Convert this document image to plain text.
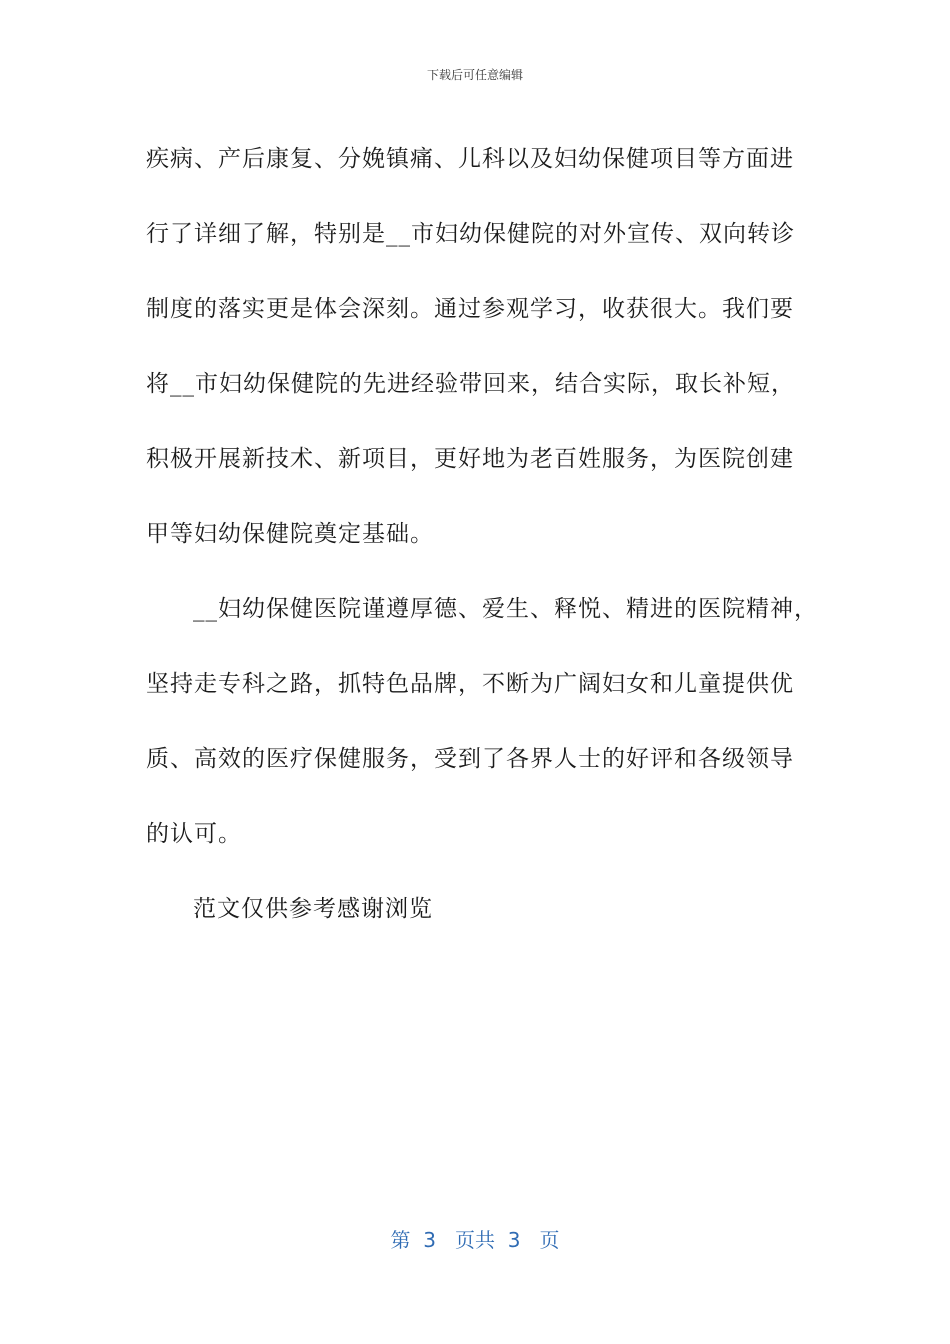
下载后可任意编辑
疾病、产后康复、分娩镇痛、儿科以及妇幼保健项目等方面进
行了详细了解，特别是__市妇幼保健院的对外宣传、双向转诊
制度的落实更是体会深刻。通过参观学习，收获很大。我们要
将__市妇幼保健院的先进经验带回来，结合实际，取长补短，
积极开展新技术、新项目，更好地为老百姓服务，为医院创建
甲等妇幼保健院奠定基础。
__妇幼保健医院谨遵厚德、爱生、释悦、精进的医院精神，
坚持走专科之路，抓特色品牌，不断为广阔妇女和儿童提供优
质、高效的医疗保健服务，受到了各界人士的好评和各级领导
的认可。
范文仅供参考感谢浏览
第  3   页共  3   页
